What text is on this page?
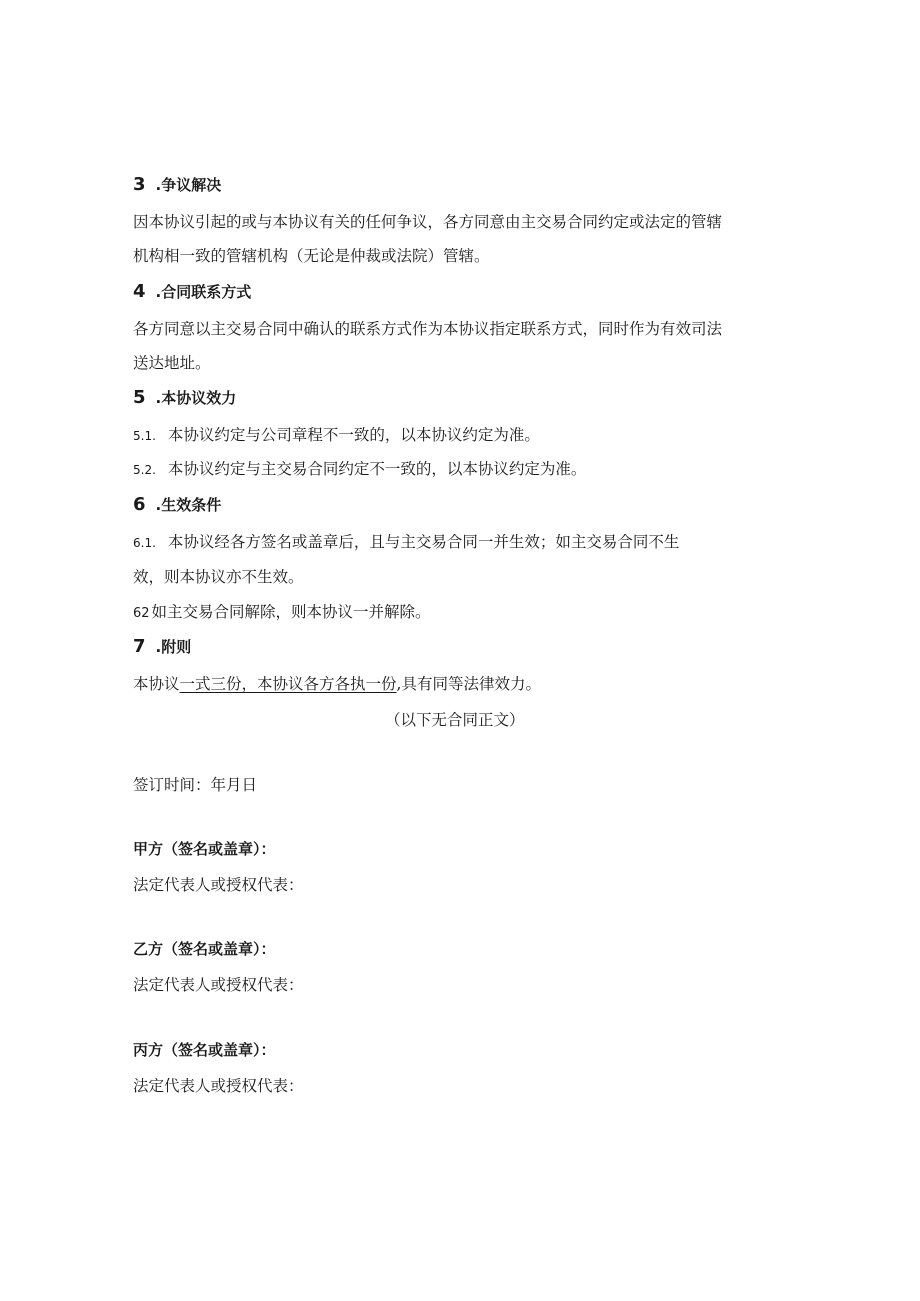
3 .争议解决
因本协议引起的或与本协议有关的任何争议，各方同意由主交易合同约定或法定的管辖
机构相一致的管辖机构（无论是仲裁或法院）管辖。
4 .合同联系方式
各方同意以主交易合同中确认的联系方式作为本协议指定联系方式，同时作为有效司法
送达地址。
5 .本协议效力
5.1. 本协议约定与公司章程不一致的，以本协议约定为准。
5.2. 本协议约定与主交易合同约定不一致的，以本协议约定为准。
6 .生效条件
6.1. 本协议经各方签名或盖章后，且与主交易合同一并生效；如主交易合同不生
效，则本协议亦不生效。
62 如主交易合同解除，则本协议一并解除。
7 .附则
本协议一式三份，本协议各方各执一份,具有同等法律效力。
（以下无合同正文）
签订时间：年月日
甲方（签名或盖章）：
法定代表人或授权代表：
乙方（签名或盖章）：
法定代表人或授权代表：
丙方（签名或盖章）：
法定代表人或授权代表：
